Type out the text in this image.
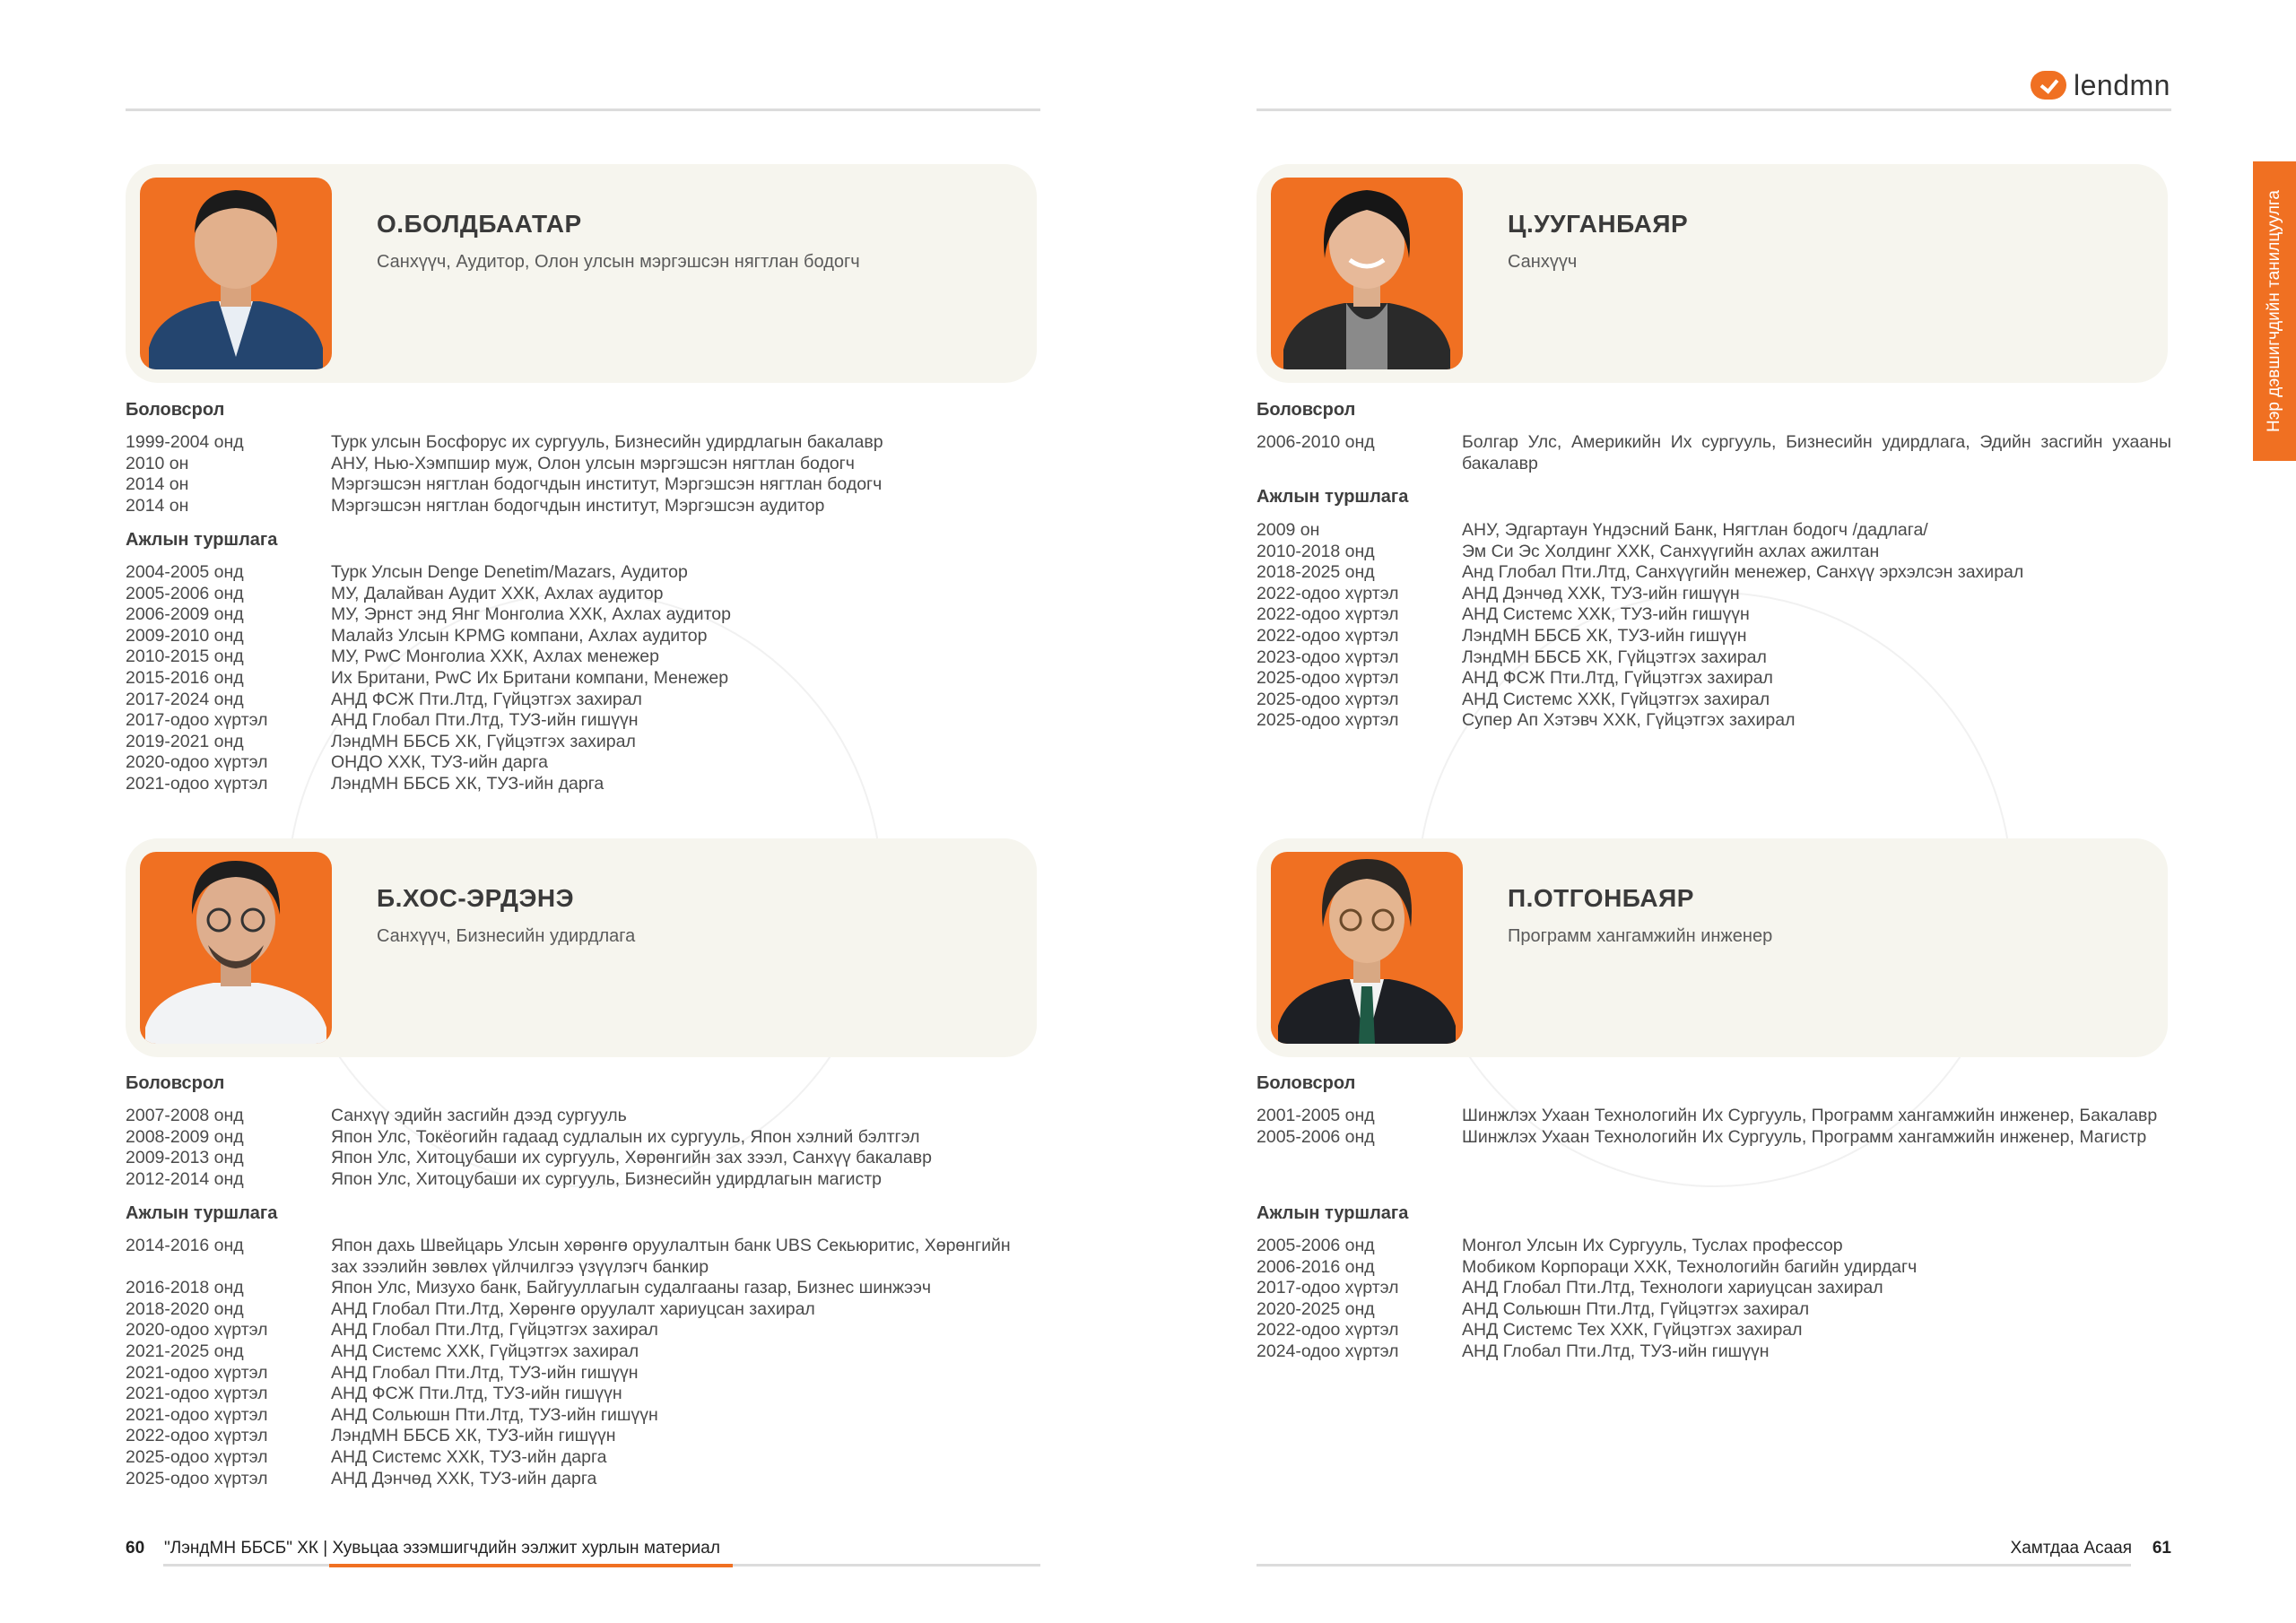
lendmn
Нэр дэвшигчдийн танилцуулга
О.БОЛДБААТАР
Санхүүч, Аудитор, Олон улсын мэргэшсэн нягтлан бодогч
Боловсрол
1999-2004 онд	Турк улсын Босфорус их сургууль, Бизнесийн удирдлагын бакалавр
2010 он	АНУ, Нью-Хэмпшир муж, Олон улсын мэргэшсэн нягтлан бодогч
2014 он	Мэргэшсэн нягтлан бодогчдын институт, Мэргэшсэн нягтлан бодогч
2014 он	Мэргэшсэн нягтлан бодогчдын институт, Мэргэшсэн аудитор
Ажлын туршлага
2004-2005 онд	Турк Улсын Denge Denetim/Mazars, Аудитор
2005-2006 онд	МУ, Далайван Аудит ХХК, Ахлах аудитор
2006-2009 онд	МУ, Эрнст энд Янг Монголиа ХХК, Ахлах аудитор
2009-2010 онд	Малайз Улсын KPMG компани, Ахлах аудитор
2010-2015 онд	МУ, PwC Монголиа ХХК, Ахлах менежер
2015-2016 онд	Их Британи, PwC Их Британи компани, Менежер
2017-2024 онд	АНД ФСЖ Пти.Лтд, Гүйцэтгэх захирал
2017-одоо хүртэл	АНД Глобал Пти.Лтд, ТУЗ-ийн гишүүн
2019-2021 онд	ЛэндМН ББСБ ХК, Гүйцэтгэх захирал
2020-одоо хүртэл	ОНДО ХХК, ТУЗ-ийн дарга
2021-одоо хүртэл	ЛэндМН ББСБ ХК, ТУЗ-ийн дарга
Ц.УУГАНБАЯР
Санхүүч
Боловсрол
2006-2010 онд	Болгар Улс, Америкийн Их сургууль, Бизнесийн удирдлага, Эдийн засгийн ухааны бакалавр
Ажлын туршлага
2009 он	АНУ, Эдгартаун Үндэсний Банк, Нягтлан бодогч /дадлага/
2010-2018 онд	Эм Си Эс Холдинг ХХК, Санхүүгийн ахлах ажилтан
2018-2025 онд	Анд Глобал Пти.Лтд, Санхүүгийн менежер, Санхүү эрхэлсэн захирал
2022-одоо хүртэл	АНД Дэнчөд ХХК, ТУЗ-ийн гишүүн
2022-одоо хүртэл	АНД Системс ХХК, ТУЗ-ийн гишүүн
2022-одоо хүртэл	ЛэндМН ББСБ ХК, ТУЗ-ийн гишүүн
2023-одоо хүртэл	ЛэндМН ББСБ ХК, Гүйцэтгэх захирал
2025-одоо хүртэл	АНД ФСЖ Пти.Лтд, Гүйцэтгэх захирал
2025-одоо хүртэл	АНД Системс ХХК, Гүйцэтгэх захирал
2025-одоо хүртэл	Супер Ап Хэтэвч ХХК, Гүйцэтгэх захирал
Б.ХОС-ЭРДЭНЭ
Санхүүч, Бизнесийн удирдлага
Боловсрол
2007-2008 онд	Санхүү эдийн засгийн дээд сургууль
2008-2009 онд	Япон Улс, Токёогийн гадаад судлалын их сургууль, Япон хэлний бэлтгэл
2009-2013 онд	Япон Улс, Хитоцубаши их сургууль, Хөрөнгийн зах зээл, Санхүү бакалавр
2012-2014 онд	Япон Улс, Хитоцубаши их сургууль, Бизнесийн удирдлагын магистр
Ажлын туршлага
2014-2016 онд	Япон дахь Швейцарь Улсын хөрөнгө оруулалтын банк UBS Секьюритис, Хөрөнгийн зах зээлийн зөвлөх үйлчилгээ үзүүлэгч банкир
2016-2018 онд	Япон Улс, Мизухо банк, Байгууллагын судалгааны газар, Бизнес шинжээч
2018-2020 онд	АНД Глобал Пти.Лтд, Хөрөнгө оруулалт хариуцсан захирал
2020-одоо хүртэл	АНД Глобал Пти.Лтд, Гүйцэтгэх захирал
2021-2025 онд	АНД Системс ХХК, Гүйцэтгэх захирал
2021-одоо хүртэл	АНД Глобал Пти.Лтд, ТУЗ-ийн гишүүн
2021-одоо хүртэл	АНД ФСЖ Пти.Лтд, ТУЗ-ийн гишүүн
2021-одоо хүртэл	АНД Сольюшн Пти.Лтд, ТУЗ-ийн гишүүн
2022-одоо хүртэл	ЛэндМН ББСБ ХК, ТУЗ-ийн гишүүн
2025-одоо хүртэл	АНД Системс ХХК, ТУЗ-ийн дарга
2025-одоо хүртэл	АНД Дэнчөд ХХК, ТУЗ-ийн дарга
П.ОТГОНБАЯР
Программ хангамжийн инженер
Боловсрол
2001-2005 онд	Шинжлэх Ухаан Технологийн Их Сургууль, Программ хангамжийн инженер, Бакалавр
2005-2006 онд	Шинжлэх Ухаан Технологийн Их Сургууль, Программ хангамжийн инженер, Магистр
Ажлын туршлага
2005-2006 онд	Монгол Улсын Их Сургууль, Туслах профессор
2006-2016 онд	Мобиком Корпораци ХХК, Технологийн багийн удирдагч
2017-одоо хүртэл	АНД Глобал Пти.Лтд, Технологи хариуцсан захирал
2020-2025 онд	АНД Сольюшн Пти.Лтд, Гүйцэтгэх захирал
2022-одоо хүртэл	АНД Системс Тех ХХК, Гүйцэтгэх захирал
2024-одоо хүртэл	АНД Глобал Пти.Лтд, ТУЗ-ийн гишүүн
60 "ЛэндМН ББСБ" ХК | Хувьцаа эзэмшигчдийн ээлжит хурлын материал	Хамтдаа Асаая 61
